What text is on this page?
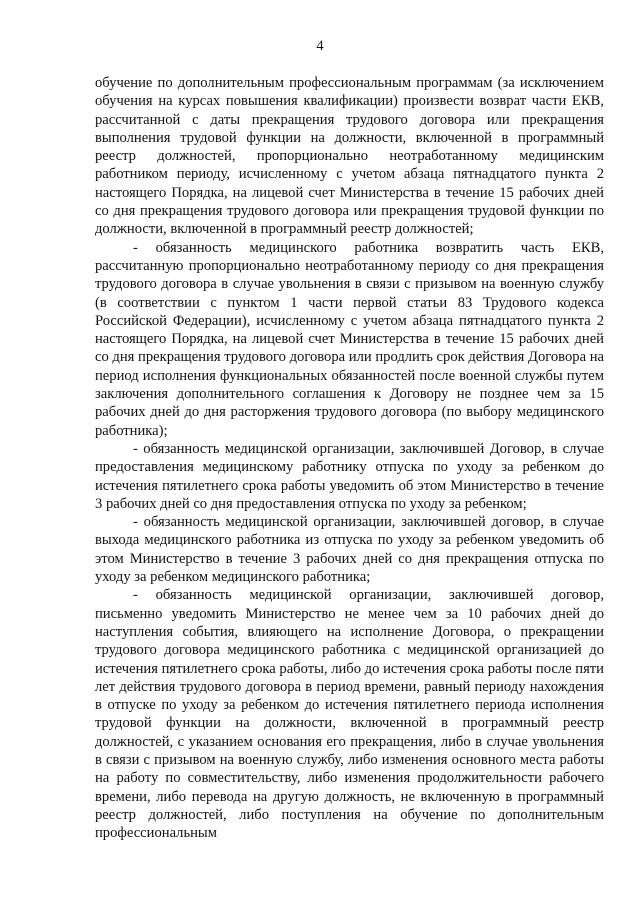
4

обучение по дополнительным профессиональным программам (за исключением обучения на курсах повышения квалификации) произвести возврат части ЕКВ, рассчитанной с даты прекращения трудового договора или прекращения выполнения трудовой функции на должности, включенной в программный реестр должностей, пропорционально неотработанному медицинским работником периоду, исчисленному с учетом абзаца пятнадцатого пункта 2 настоящего Порядка, на лицевой счет Министерства в течение 15 рабочих дней со дня прекращения трудового договора или прекращения трудовой функции по должности, включенной в программный реестр должностей;

- обязанность медицинского работника возвратить часть ЕКВ, рассчитанную пропорционально неотработанному периоду со дня прекращения трудового договора в случае увольнения в связи с призывом на военную службу (в соответствии с пунктом 1 части первой статьи 83 Трудового кодекса Российской Федерации), исчисленному с учетом абзаца пятнадцатого пункта 2 настоящего Порядка, на лицевой счет Министерства в течение 15 рабочих дней со дня прекращения трудового договора или продлить срок действия Договора на период исполнения функциональных обязанностей после военной службы путем заключения дополнительного соглашения к Договору не позднее чем за 15 рабочих дней до дня расторжения трудового договора (по выбору медицинского работника);

- обязанность медицинской организации, заключившей Договор, в случае предоставления медицинскому работнику отпуска по уходу за ребенком до истечения пятилетнего срока работы уведомить об этом Министерство в течение 3 рабочих дней со дня предоставления отпуска по уходу за ребенком;

- обязанность медицинской организации, заключившей договор, в случае выхода медицинского работника из отпуска по уходу за ребенком уведомить об этом Министерство в течение 3 рабочих дней со дня прекращения отпуска по уходу за ребенком медицинского работника;

- обязанность медицинской организации, заключившей договор, письменно уведомить Министерство не менее чем за 10 рабочих дней до наступления события, влияющего на исполнение Договора, о прекращении трудового договора медицинского работника с медицинской организацией до истечения пятилетнего срока работы, либо до истечения срока работы после пяти лет действия трудового договора в период времени, равный периоду нахождения в отпуске по уходу за ребенком до истечения пятилетнего периода исполнения трудовой функции на должности, включенной в программный реестр должностей, с указанием основания его прекращения, либо в случае увольнения в связи с призывом на военную службу, либо изменения основного места работы на работу по совместительству, либо изменения продолжительности рабочего времени, либо перевода на другую должность, не включенную в программный реестр должностей, либо поступления на обучение по дополнительным профессиональным
